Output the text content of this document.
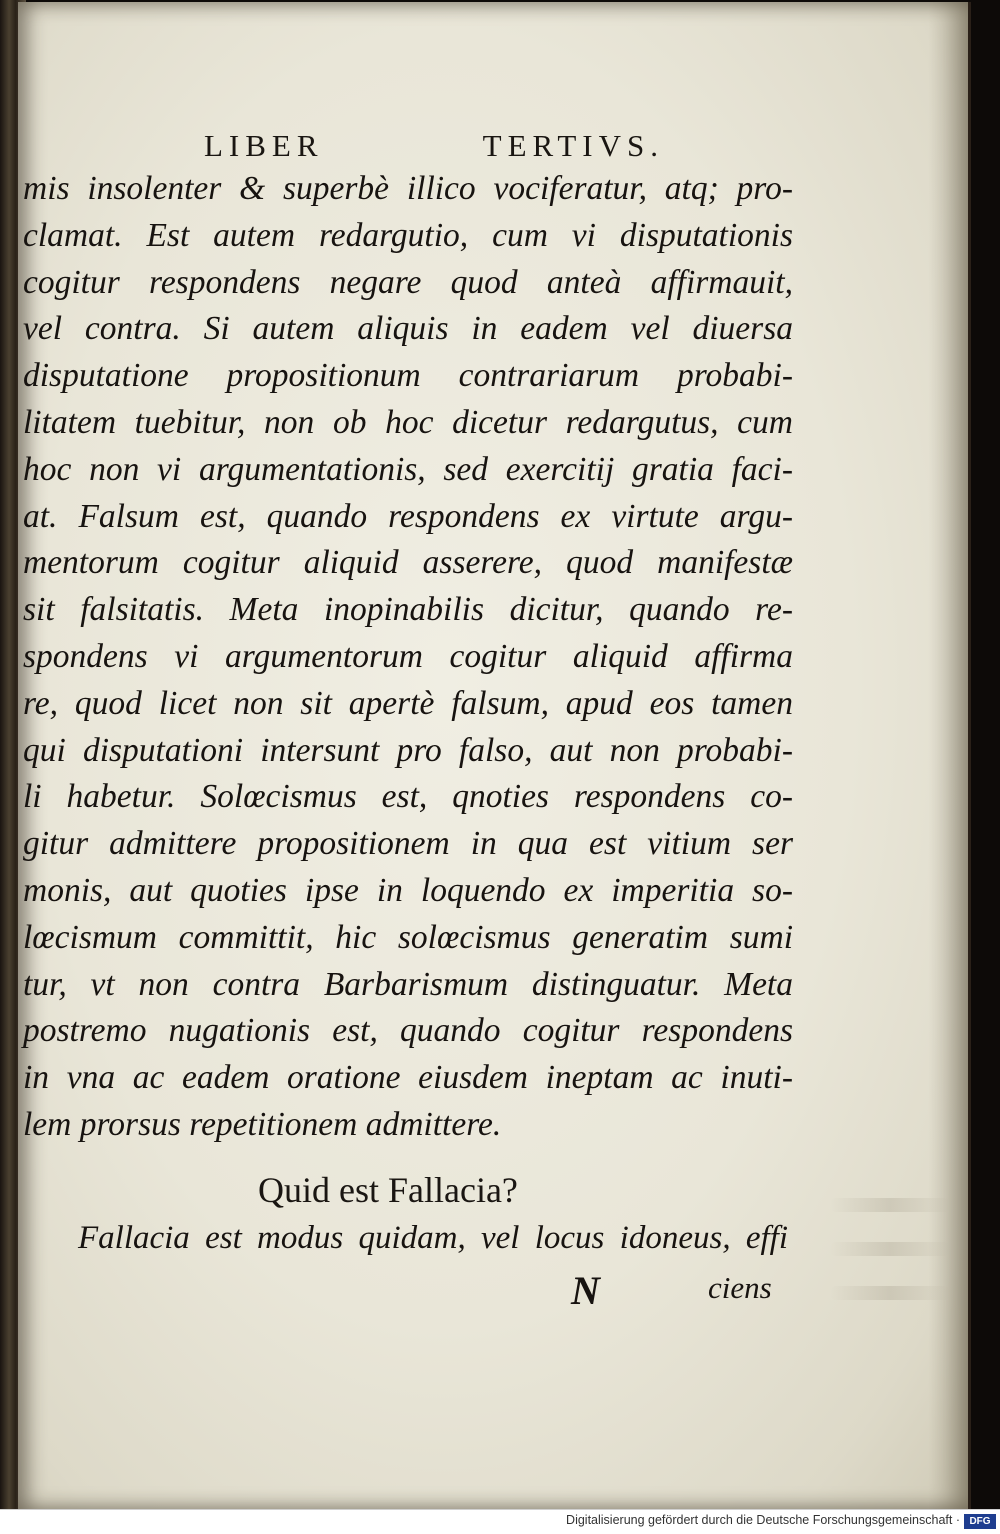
LIBER	TERTIVS.
mis insolenter & superbè illico vociferatur, atq; pro-
clamat. Est autem redargutio, cum vi disputationis
cogitur respondens negare quod anteà affirmauit,
vel contra. Si autem aliquis in eadem vel diuersa
disputatione propositionum contrariarum probabi-
litatem tuebitur, non ob hoc dicetur redargutus, cum
hoc non vi argumentationis, sed exercitij gratia faci-
at. Falsum est, quando respondens ex virtute argu-
mentorum cogitur aliquid asserere, quod manifestæ
sit falsitatis. Meta inopinabilis dicitur, quando re-
spondens vi argumentorum cogitur aliquid affirma
re, quod licet non sit apertè falsum, apud eos tamen
qui disputationi intersunt pro falso, aut non probabi-
li habetur. Solœcismus est, qnoties respondens co-
gitur admittere propositionem in qua est vitium ser
monis, aut quoties ipse in loquendo ex imperitia so-
lœcismum committit, hic solœcismus generatim sumi
tur, vt non contra Barbarismum distinguatur. Meta
postremo nugationis est, quando cogitur respondens
in vna ac eadem oratione eiusdem ineptam ac inuti-
lem prorsus repetitionem admittere.
Quid est Fallacia?
Fallacia est modus quidam, vel locus idoneus, effi
N	ciens
Digitalisierung gefördert durch die Deutsche Forschungsgemeinschaft · DFG
